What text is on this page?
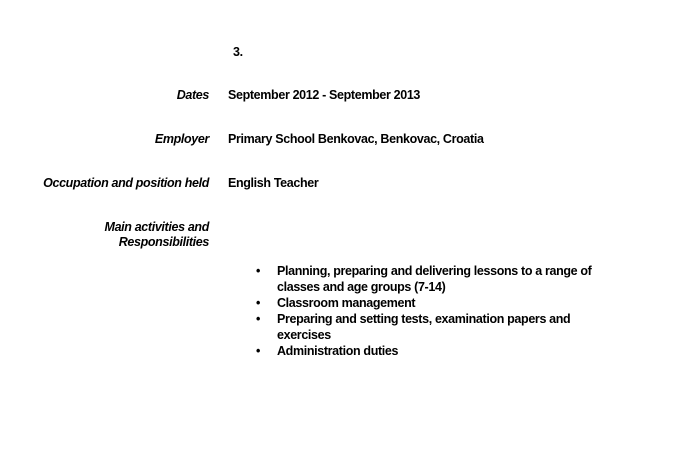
3.
Dates September 2012 - September 2013
Employer Primary School Benkovac, Benkovac, Croatia
Occupation and position held English Teacher
Main activities and
Responsibilities
• Planning, preparing and delivering lessons to a range of classes and age groups (7-14)
• Classroom management
• Preparing and setting tests, examination papers and exercises
• Administration duties
